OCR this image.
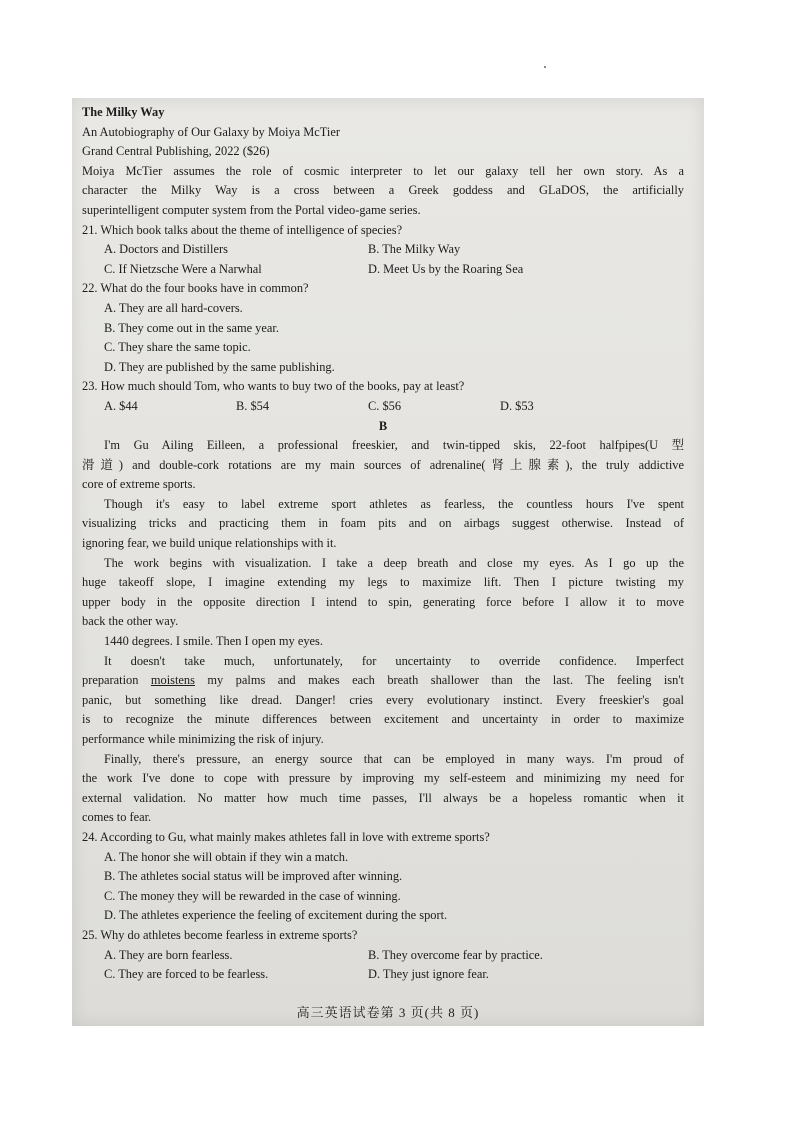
The Milky Way
An Autobiography of Our Galaxy by Moiya McTier
Grand Central Publishing, 2022 ($26)
Moiya McTier assumes the role of cosmic interpreter to let our galaxy tell her own story. As a
character the Milky Way is a cross between a Greek goddess and GLaDOS, the artificially
superintelligent computer system from the Portal video-game series.
21. Which book talks about the theme of intelligence of species?
A. Doctors and Distillers	B. The Milky Way
C. If Nietzsche Were a Narwhal	D. Meet Us by the Roaring Sea
22. What do the four books have in common?
A. They are all hard-covers.
B. They come out in the same year.
C. They share the same topic.
D. They are published by the same publishing.
23. How much should Tom, who wants to buy two of the books, pay at least?
A. $44	B. $54	C. $56	D. $53
B
I'm Gu Ailing Eilleen, a professional freeskier, and twin-tipped skis, 22-foot halfpipes(U 型
滑道) and double-cork rotations are my main sources of adrenaline(肾上腺素), the truly addictive
core of extreme sports.
Though it's easy to label extreme sport athletes as fearless, the countless hours I've spent
visualizing tricks and practicing them in foam pits and on airbags suggest otherwise. Instead of
ignoring fear, we build unique relationships with it.
The work begins with visualization. I take a deep breath and close my eyes. As I go up the
huge takeoff slope, I imagine extending my legs to maximize lift. Then I picture twisting my
upper body in the opposite direction I intend to spin, generating force before I allow it to move
back the other way.
1440 degrees. I smile. Then I open my eyes.
It doesn't take much, unfortunately, for uncertainty to override confidence. Imperfect
preparation moistens my palms and makes each breath shallower than the last. The feeling isn't
panic, but something like dread. Danger! cries every evolutionary instinct. Every freeskier's goal
is to recognize the minute differences between excitement and uncertainty in order to maximize
performance while minimizing the risk of injury.
Finally, there's pressure, an energy source that can be employed in many ways. I'm proud of
the work I've done to cope with pressure by improving my self-esteem and minimizing my need for
external validation. No matter how much time passes, I'll always be a hopeless romantic when it
comes to fear.
24. According to Gu, what mainly makes athletes fall in love with extreme sports?
A. The honor she will obtain if they win a match.
B. The athletes social status will be improved after winning.
C. The money they will be rewarded in the case of winning.
D. The athletes experience the feeling of excitement during the sport.
25. Why do athletes become fearless in extreme sports?
A. They are born fearless.	B. They overcome fear by practice.
C. They are forced to be fearless.	D. They just ignore fear.
高三英语试卷第 3 页(共 8 页)
